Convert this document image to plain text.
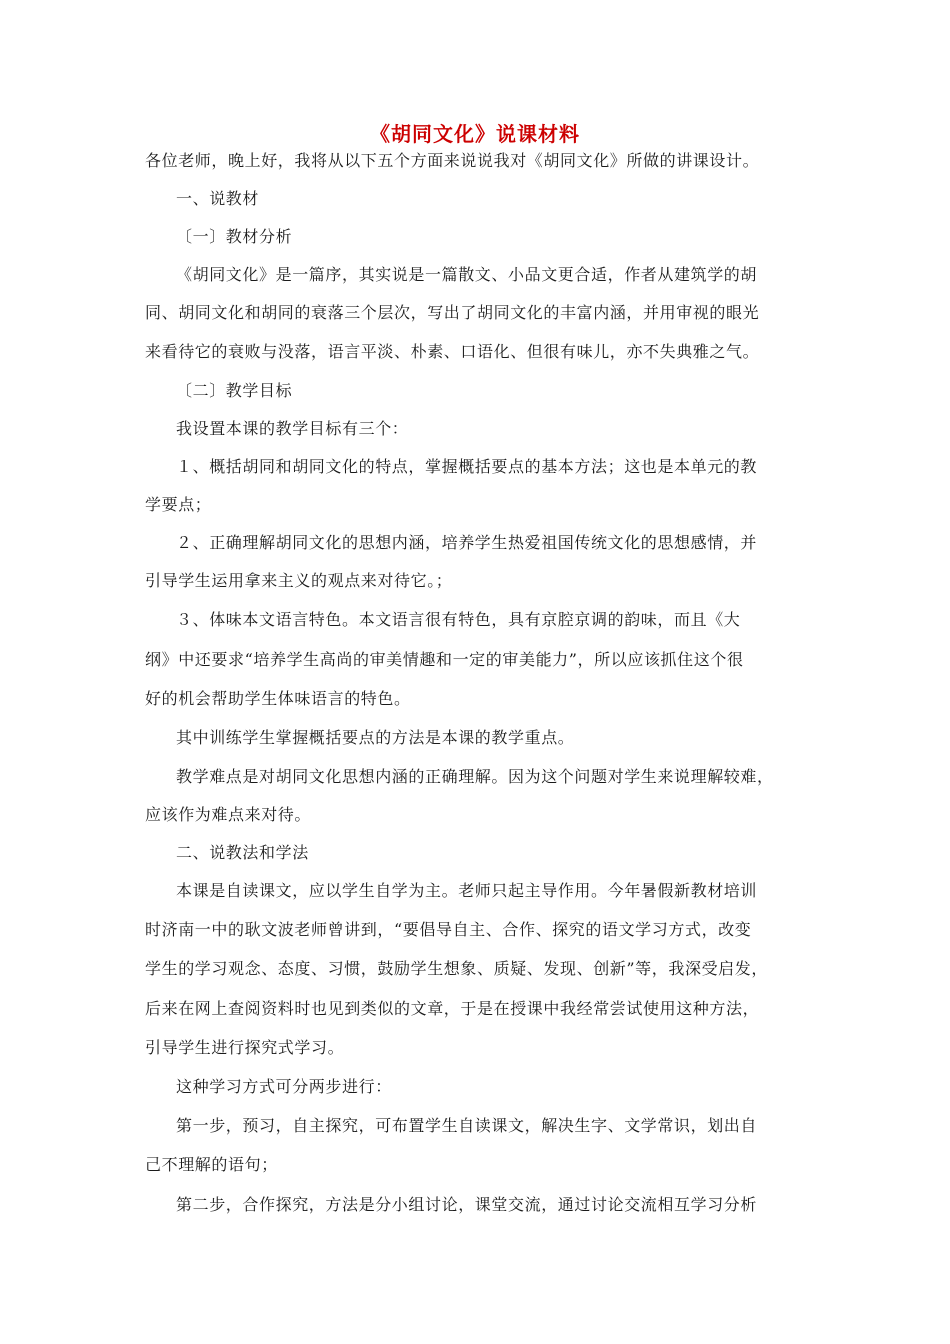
《胡同文化》说课材料
各位老师，晚上好，我将从以下五个方面来说说我对《胡同文化》所做的讲课设计。
一、说教材
〔一〕教材分析
《胡同文化》是一篇序，其实说是一篇散文、小品文更合适，作者从建筑学的胡
同、胡同文化和胡同的衰落三个层次，写出了胡同文化的丰富内涵，并用审视的眼光
来看待它的衰败与没落，语言平淡、朴素、口语化、但很有味儿，亦不失典雅之气。
〔二〕教学目标
我设置本课的教学目标有三个：
１、概括胡同和胡同文化的特点，掌握概括要点的基本方法；这也是本单元的教
学要点；
２、正确理解胡同文化的思想内涵，培养学生热爱祖国传统文化的思想感情，并
引导学生运用拿来主义的观点来对待它。；
３、体味本文语言特色。本文语言很有特色，具有京腔京调的韵味，而且《大
纲》中还要求“培养学生高尚的审美情趣和一定的审美能力”，所以应该抓住这个很
好的机会帮助学生体味语言的特色。
其中训练学生掌握概括要点的方法是本课的教学重点。
教学难点是对胡同文化思想内涵的正确理解。因为这个问题对学生来说理解较难，
应该作为难点来对待。
二、说教法和学法
本课是自读课文，应以学生自学为主。老师只起主导作用。今年暑假新教材培训
时济南一中的耿文波老师曾讲到，“要倡导自主、合作、探究的语文学习方式，改变
学生的学习观念、态度、习惯，鼓励学生想象、质疑、发现、创新”等，我深受启发，
后来在网上查阅资料时也见到类似的文章，于是在授课中我经常尝试使用这种方法，
引导学生进行探究式学习。
这种学习方式可分两步进行：
第一步，预习，自主探究，可布置学生自读课文，解决生字、文学常识，划出自
己不理解的语句；
第二步，合作探究，方法是分小组讨论，课堂交流，通过讨论交流相互学习分析
